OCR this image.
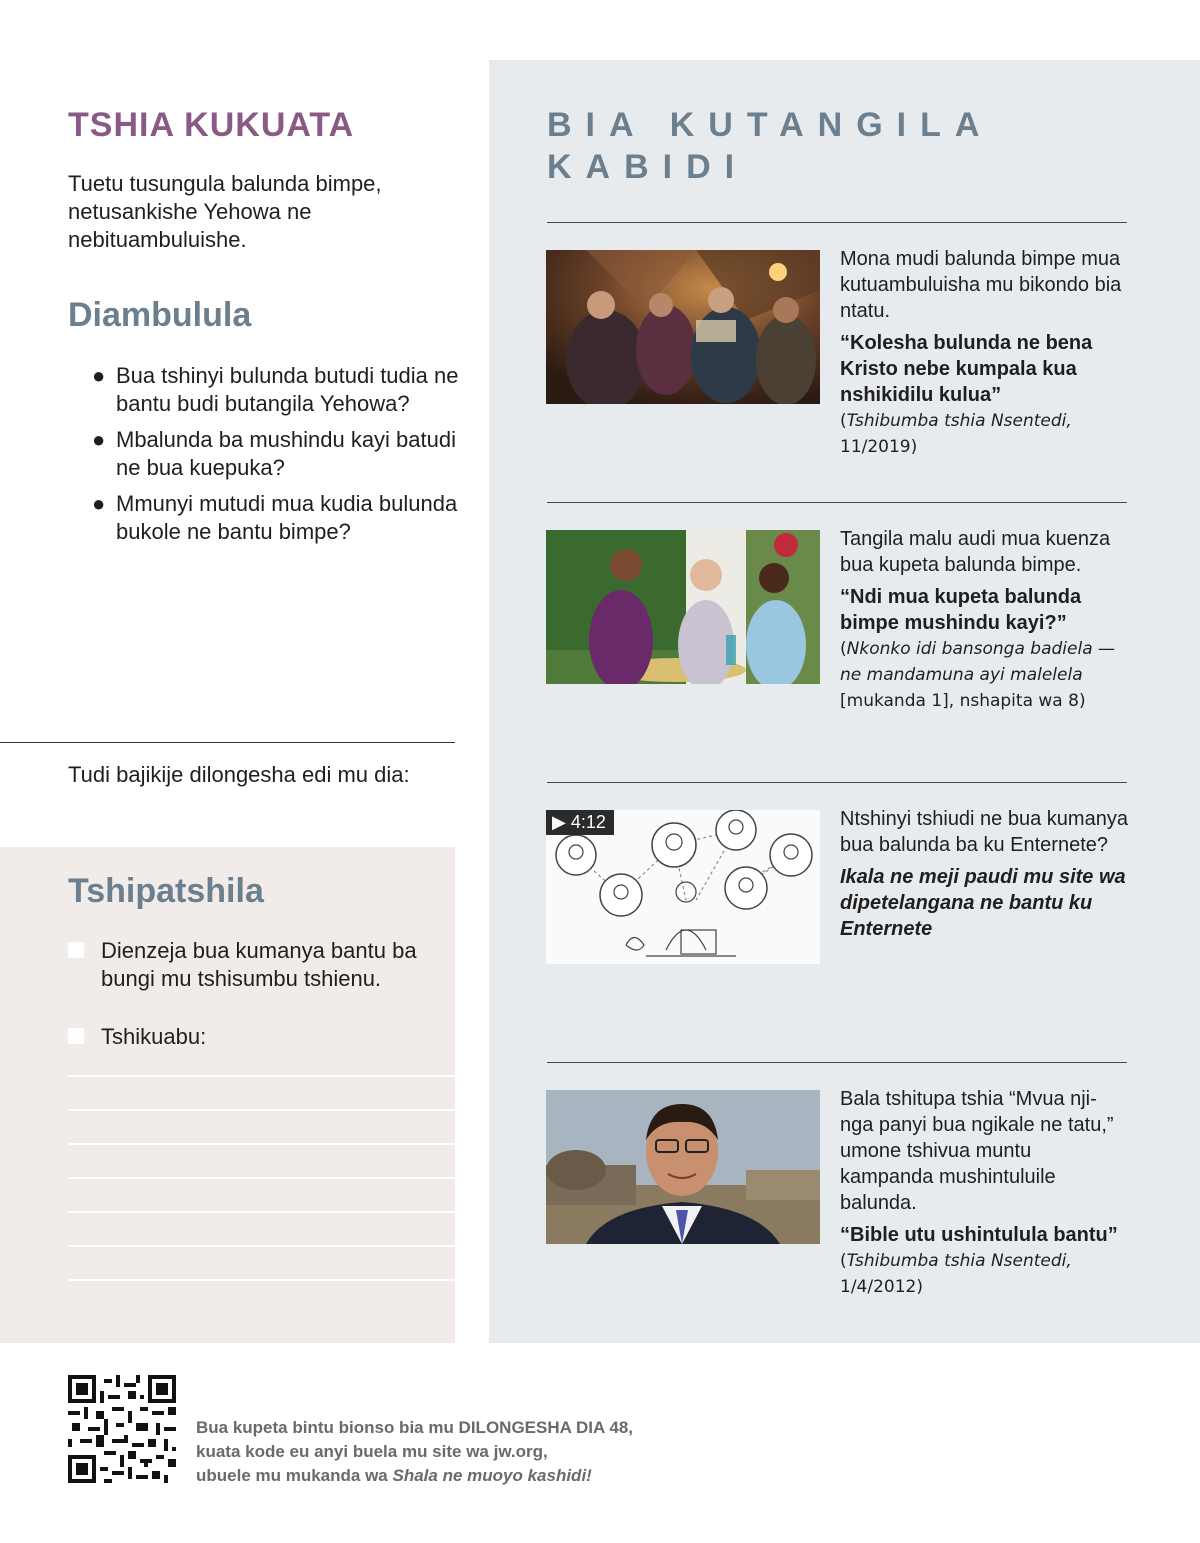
TSHIA KUKUATA

Tuetu tusungula balunda bimpe, netusankishe Yehowa ne nebituambuluishe.

Diambulula
● Bua tshinyi bulunda butudi tudia ne bantu budi butangila Yehowa?
● Mbalunda ba mushindu kayi batudi ne bua kuepuka?
● Mmunyi mutudi mua kudia bulunda bukole ne bantu bimpe?

Tudi bajikije dilongesha edi mu dia:

Tshipatshila
Dienzeja bua kumanya bantu ba bungi mu tshisumbu tshienu.
Tshikuabu:
BIA KUTANGILA KABIDI

Mona mudi balunda bimpe mua kutuambuluisha mu bikondo bia ntatu.

“Kolesha bulunda ne bena Kristo nebe kumpala kua nshikidilu kulua”

(Tshibumba tshia Nsentedi,
11/2019)

Tangila malu audi mua kuenza bua kupeta balunda bimpe.

“Ndi mua kupeta balunda bimpe mushindu kayi?”

(Nkonko idi bansonga badiela —ne mandamuna ayi malelela
[mukanda 1], nshapita wa 8)

▶ 4:12	Ntshinyi tshiudi ne bua kumanya bua balunda ba ku Enternete?

Ikala ne meji paudi mu site wa dipetelangana ne bantu ku Enternete

Bala tshitupa tshia “Mvua nji-nga panyi bua ngikale ne tatu,” umone tshivua muntu kampanda mushintuluile balunda.

“Bible utu ushintulula bantu”

(Tshibumba tshia Nsentedi,
1/4/2012)

Bua kupeta bintu bionso bia mu DILONGESHA DIA 48,
kuata kode eu anyi buela mu site wa jw.org,
ubuele mu mukanda wa Shala ne muoyo kashidi!
